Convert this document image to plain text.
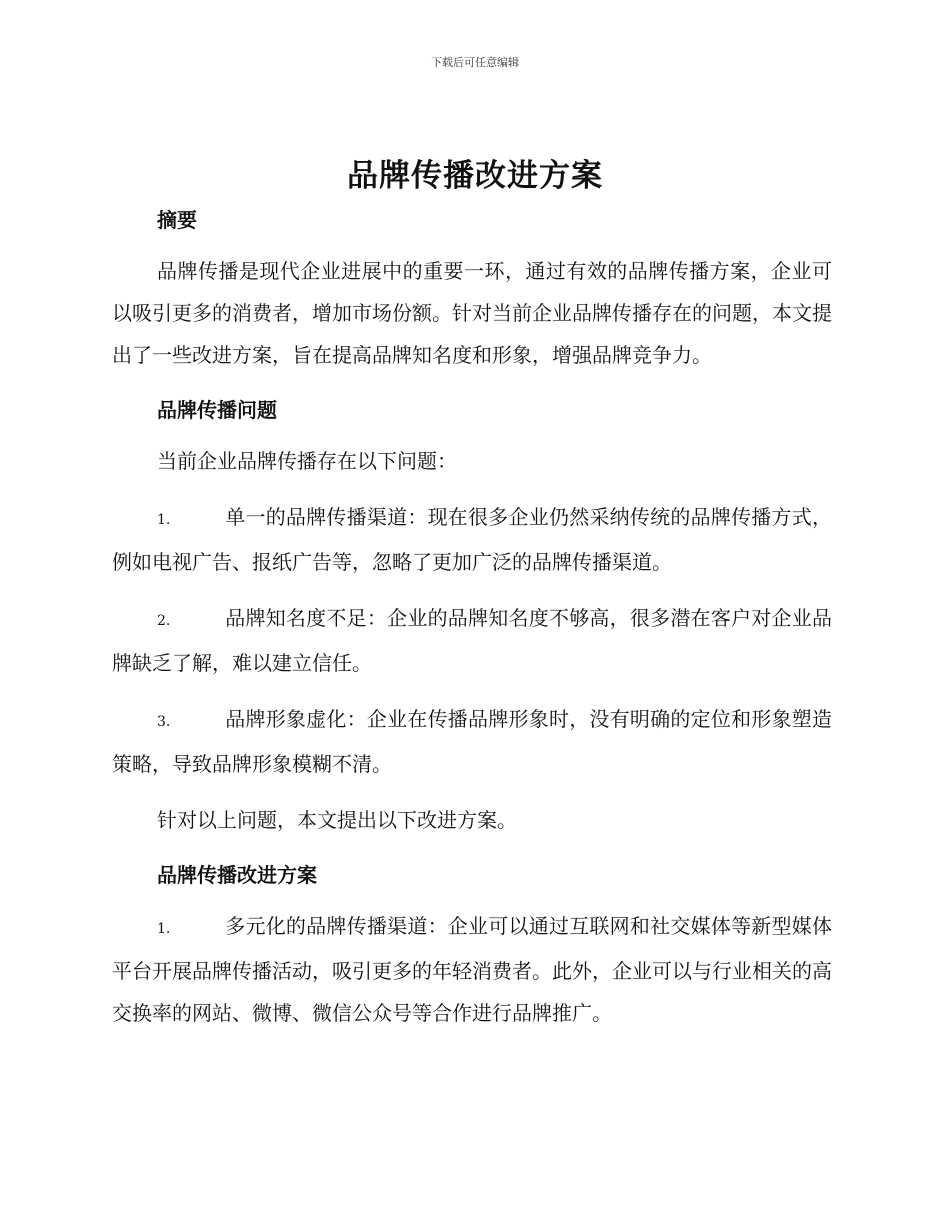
下载后可任意编辑
品牌传播改进方案
摘要

品牌传播是现代企业进展中的重要一环，通过有效的品牌传播方案，企业可以吸引更多的消费者，增加市场份额。针对当前企业品牌传播存在的问题，本文提出了一些改进方案，旨在提高品牌知名度和形象，增强品牌竞争力。

品牌传播问题

当前企业品牌传播存在以下问题：

1.	单一的品牌传播渠道：现在很多企业仍然采纳传统的品牌传播方式，例如电视广告、报纸广告等，忽略了更加广泛的品牌传播渠道。

2.	品牌知名度不足：企业的品牌知名度不够高，很多潜在客户对企业品牌缺乏了解，难以建立信任。

3.	品牌形象虚化：企业在传播品牌形象时，没有明确的定位和形象塑造策略，导致品牌形象模糊不清。

针对以上问题，本文提出以下改进方案。

品牌传播改进方案

1.	多元化的品牌传播渠道：企业可以通过互联网和社交媒体等新型媒体平台开展品牌传播活动，吸引更多的年轻消费者。此外，企业可以与行业相关的高交换率的网站、微博、微信公众号等合作进行品牌推广。
